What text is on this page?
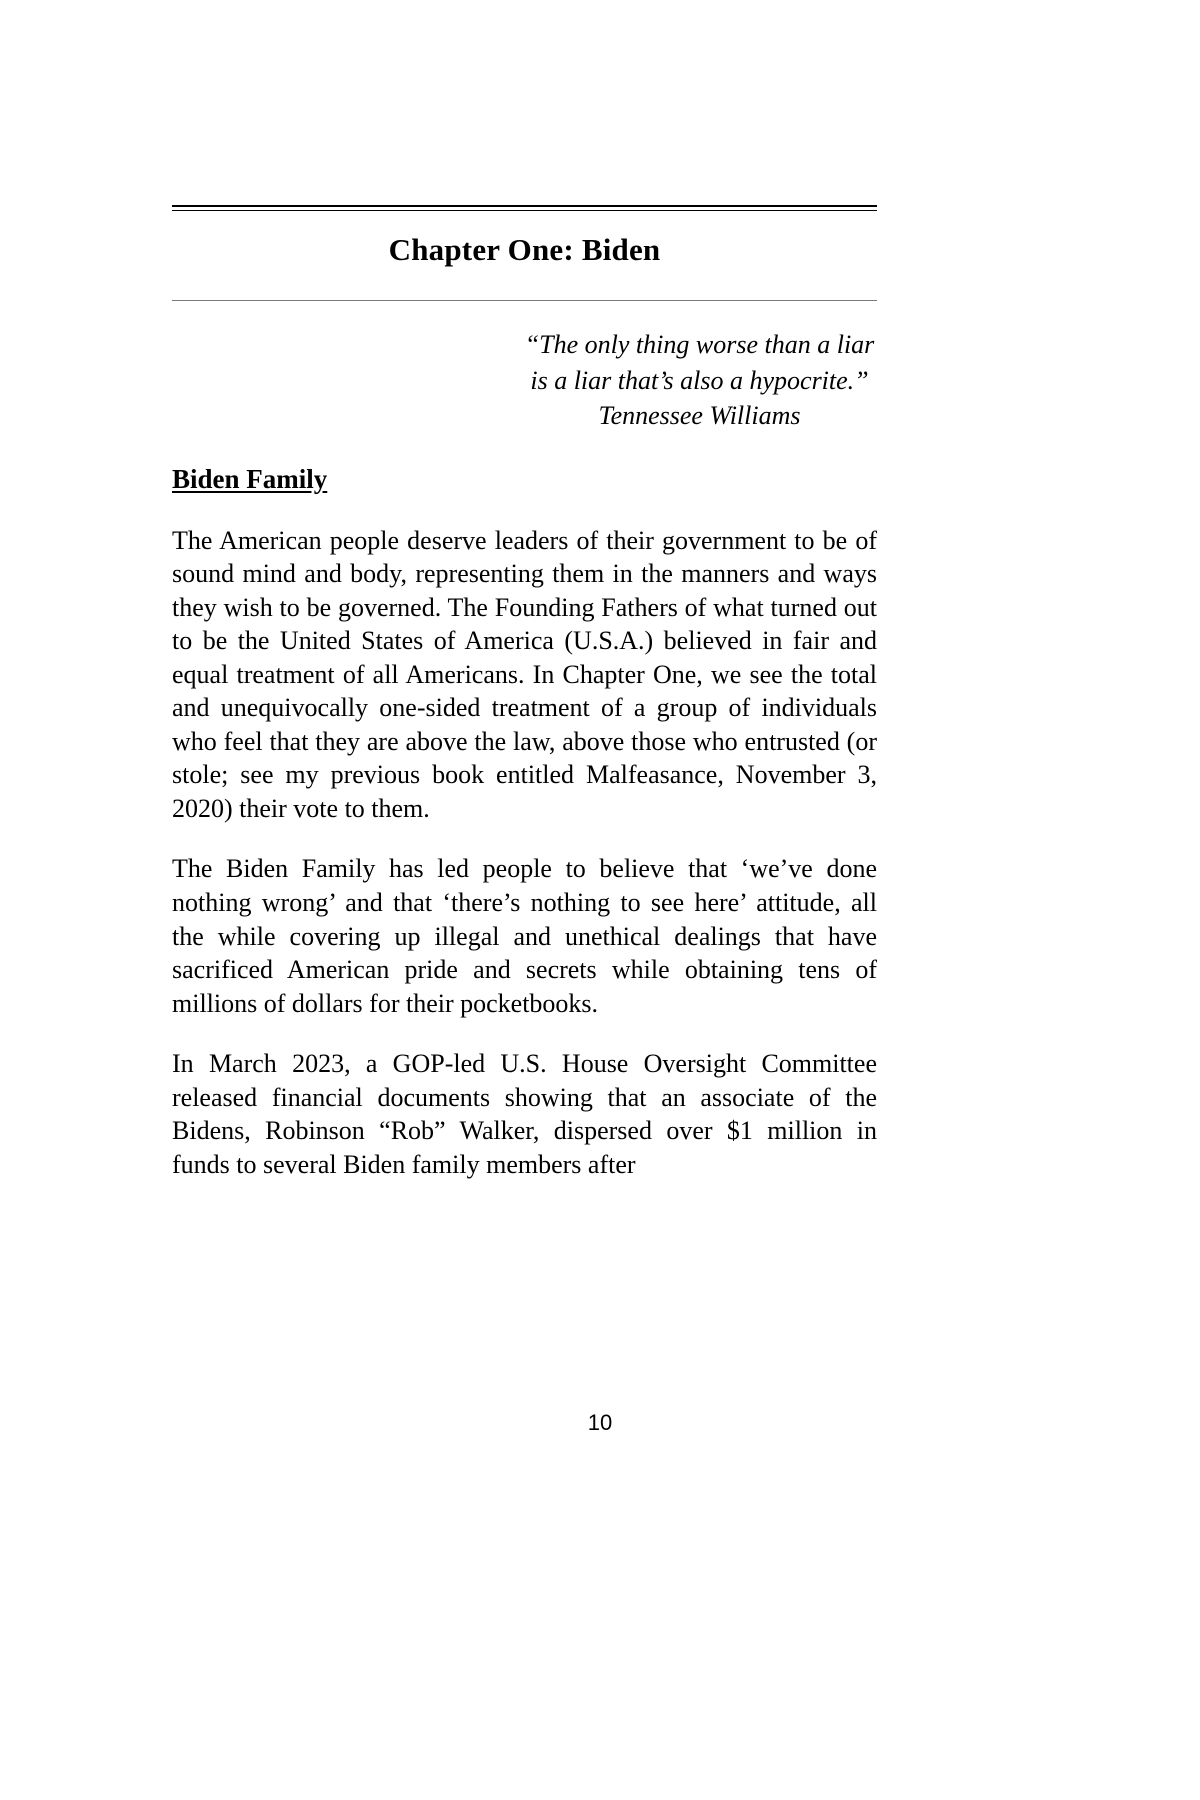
Chapter One: Biden
“The only thing worse than a liar is a liar that’s also a hypocrite.”
Tennessee Williams
Biden Family

The American people deserve leaders of their government to be of sound mind and body, representing them in the manners and ways they wish to be governed. The Founding Fathers of what turned out to be the United States of America (U.S.A.) believed in fair and equal treatment of all Americans. In Chapter One, we see the total and unequivocally one-sided treatment of a group of individuals who feel that they are above the law, above those who entrusted (or stole; see my previous book entitled Malfeasance, November 3, 2020) their vote to them.

The Biden Family has led people to believe that ‘we’ve done nothing wrong’ and that ‘there’s nothing to see here’ attitude, all the while covering up illegal and unethical dealings that have sacrificed American pride and secrets while obtaining tens of millions of dollars for their pocketbooks.

In March 2023, a GOP-led U.S. House Oversight Committee released financial documents showing that an associate of the Bidens, Robinson “Rob” Walker, dispersed over $1 million in funds to several Biden family members after

10
